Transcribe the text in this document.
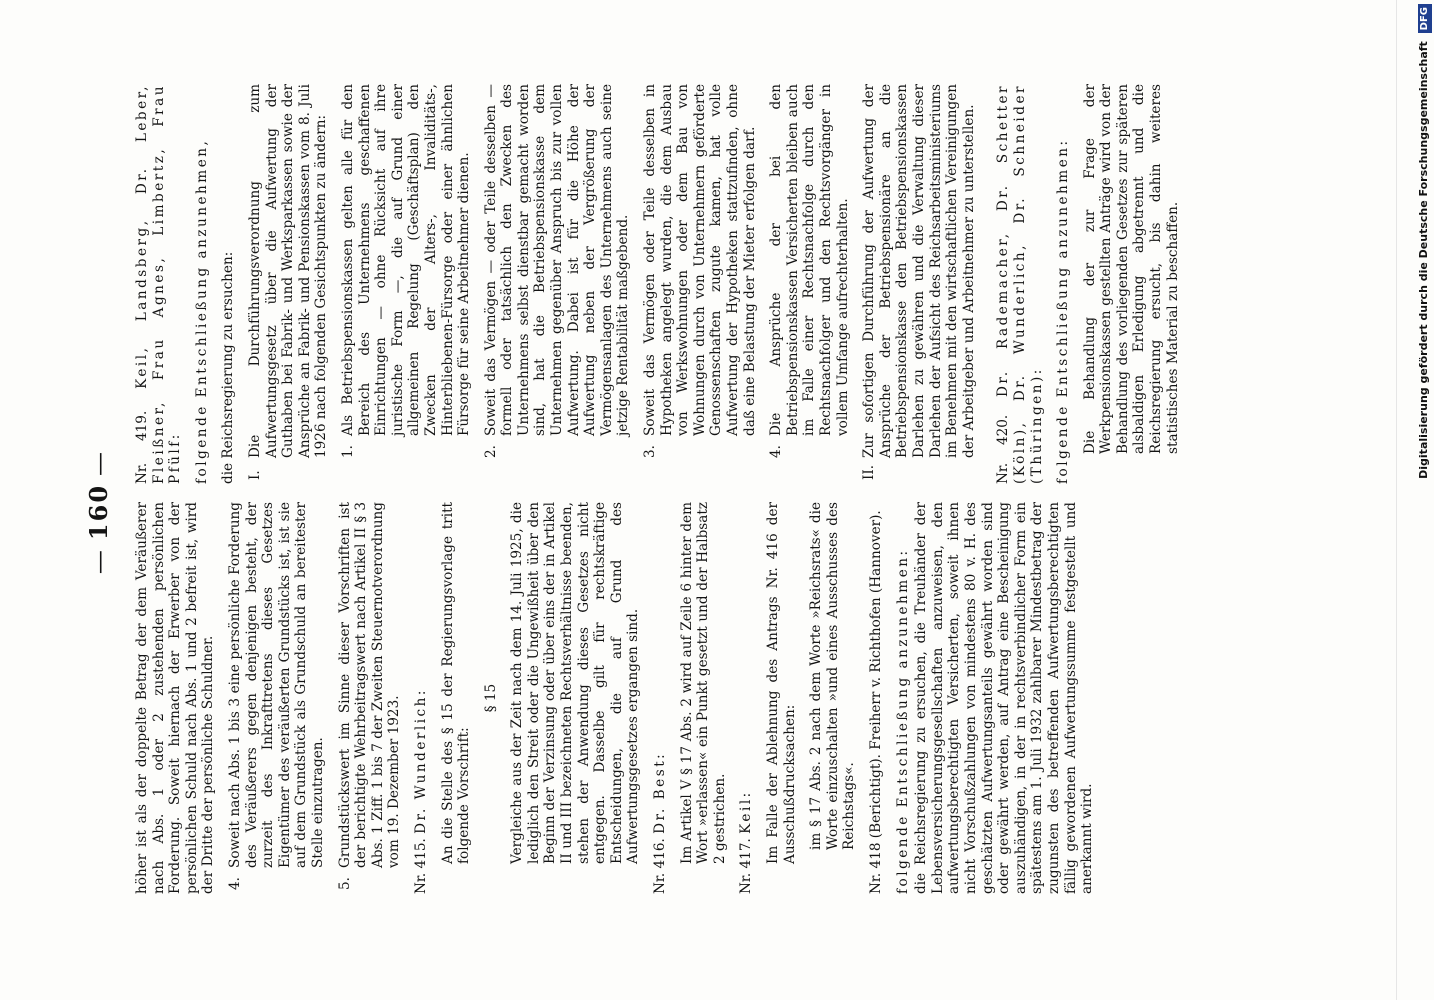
—160—

höher ist als der doppelte Betrag der dem Veräußerer nach Abs. 1 oder 2 zustehenden persönlichen Forderung. Soweit hiernach der Erwerber von der persönlichen Schuld nach Abs. 1 und 2 befreit ist, wird der Dritte der persönliche Schuldner. 4.Soweit nach Abs. 1 bis 3 eine persönliche Forderung des Veräußerers gegen denjenigen besteht, der zurzeit des Inkrafttretens dieses Gesetzes Eigentümer des veräußerten Grundstücks ist, ist sie auf dem Grundstück als Grundschuld an bereitester Stelle einzutragen.

5.Grundstückswert im Sinne dieser Vorschriften ist der berichtigte Wehrbeitragswert nach Artikel II § 3 Abs. 1 Ziff. 1 bis 7 der Zweiten Steuernotverordnung vom 19. Dezember 1923. Nr. 415. Dr. Wunderlich: An die Stelle des § 15 der Regierungsvorlage tritt folgende Vorschrift:

§ 15 Vergleiche aus der Zeit nach dem 14. Juli 1925, die lediglich den Streit oder die Ungewißheit über den Beginn der Verzinsung oder über eins der in Artikel II und III bezeichneten Rechtsverhältnisse beenden, stehen der Anwendung dieses Gesetzes nicht entgegen. Dasselbe gilt für rechtskräftige Entscheidungen, die auf Grund des Aufwertungsgesetzes ergangen sind.

Nr. 416. Dr. Best: Im Artikel V § 17 Abs. 2 wird auf Zeile 6 hinter dem Wort »erlassen« ein Punkt gesetzt und der Halbsatz 2 gestrichen.

Nr. 417. Keil: Im Falle der Ablehnung des Antrags Nr. 416 der Ausschußdrucksachen: im § 17 Abs. 2 nach dem Worte »Reichsrats« die Worte einzuschalten »und eines Ausschusses des Reichstags«. Nr. 418 (Berichtigt). Freiherr v. Richthofen (Hannover). folgende Entschließung anzunehmen: die Reichsregierung zu ersuchen, die Treuhänder der Lebensversicherungsgesellschaften anzuweisen, den aufwertungsberechtigten Versicherten, soweit ihnen nicht Vorschußzahlungen von mindestens 80 v. H. des geschätzten Aufwertungsanteils gewährt worden sind oder gewährt werden, auf Antrag eine Bescheinigung auszuhändigen, in der in rechtsverbindlicher Form ein spätestens am 1. Juli 1932 zahlbarer Mindestbetrag der zugunsten des betreffenden Aufwertungsberechtigten fällig gewordenen Aufwertungssumme festgestellt und anerkannt wird.

Nr. 419. Keil, Landsberg, Dr. Leber, Fleißner, Frau Agnes, Limbertz, Frau Pfülf: folgende Entschließung anzunehmen, die Reichsregierung zu ersuchen: I.Die Durchführungsverordnung zum Aufwertungsgesetz über die Aufwertung der Guthaben bei Fabrik- und Werksparkassen sowie der Ansprüche an Fabrik- und Pensionskassen vom 8. Juli 1926 nach folgenden Gesichtspunkten zu ändern: 1.Als Betriebspensionskassen gelten alle für den Bereich des Unternehmens geschaffenen Einrichtungen — ohne Rücksicht auf ihre juristische Form —, die auf Grund einer allgemeinen Regelung (Geschäftsplan) den Zwecken der Alters-, Invaliditäts-, Hinterbliebenen-Fürsorge oder einer ähnlichen Fürsorge für seine Arbeitnehmer dienen.

2.Soweit das Vermögen — oder Teile desselben — formell oder tatsächlich den Zwecken des Unternehmens selbst dienstbar gemacht worden sind, hat die Betriebspensionskasse dem Unternehmen gegenüber Anspruch bis zur vollen Aufwertung. Dabei ist für die Höhe der Aufwertung neben der Vergrößerung der Vermögensanlagen des Unternehmens auch seine jetzige Rentabilität maßgebend.

3.Soweit das Vermögen oder Teile desselben in Hypotheken angelegt wurden, die dem Ausbau von Werkswohnungen oder dem Bau von Wohnungen durch von Unternehmern geförderte Genossenschaften zugute kamen, hat volle Aufwertung der Hypotheken stattzufinden, ohne daß eine Belastung der Mieter erfolgen darf.

4.Die Ansprüche der bei den Betriebspensionskassen Versicherten bleiben auch im Falle einer Rechtsnachfolge durch den Rechtsnachfolger und den Rechtsvorgänger in vollem Umfange aufrechterhalten.

II.Zur sofortigen Durchführung der Aufwertung der Ansprüche der Betriebspensionäre an die Betriebspensionskasse den Betriebspensionskassen Darlehen zu gewähren und die Verwaltung dieser Darlehen der Aufsicht des Reichsarbeitsministeriums im Benehmen mit den wirtschaftlichen Vereinigungen der Arbeitgeber und Arbeitnehmer zu unterstellen. Nr. 420. Dr. Rademacher, Dr. Schetter (Köln), Dr. Wunderlich, Dr. Schneider (Thüringen): folgende Entschließung anzunehmen: Die Behandlung der zur Frage der Werkpensionskassen gestellten Anträge wird von der Behandlung des vorliegenden Gesetzes zur späteren alsbaldigen Erledigung abgetrennt und die Reichsregierung ersucht, bis dahin weiteres statistisches Material zu beschaffen.	Digitalisierung gefördert durch die Deutsche Forschungsgemeinschaft DFG
